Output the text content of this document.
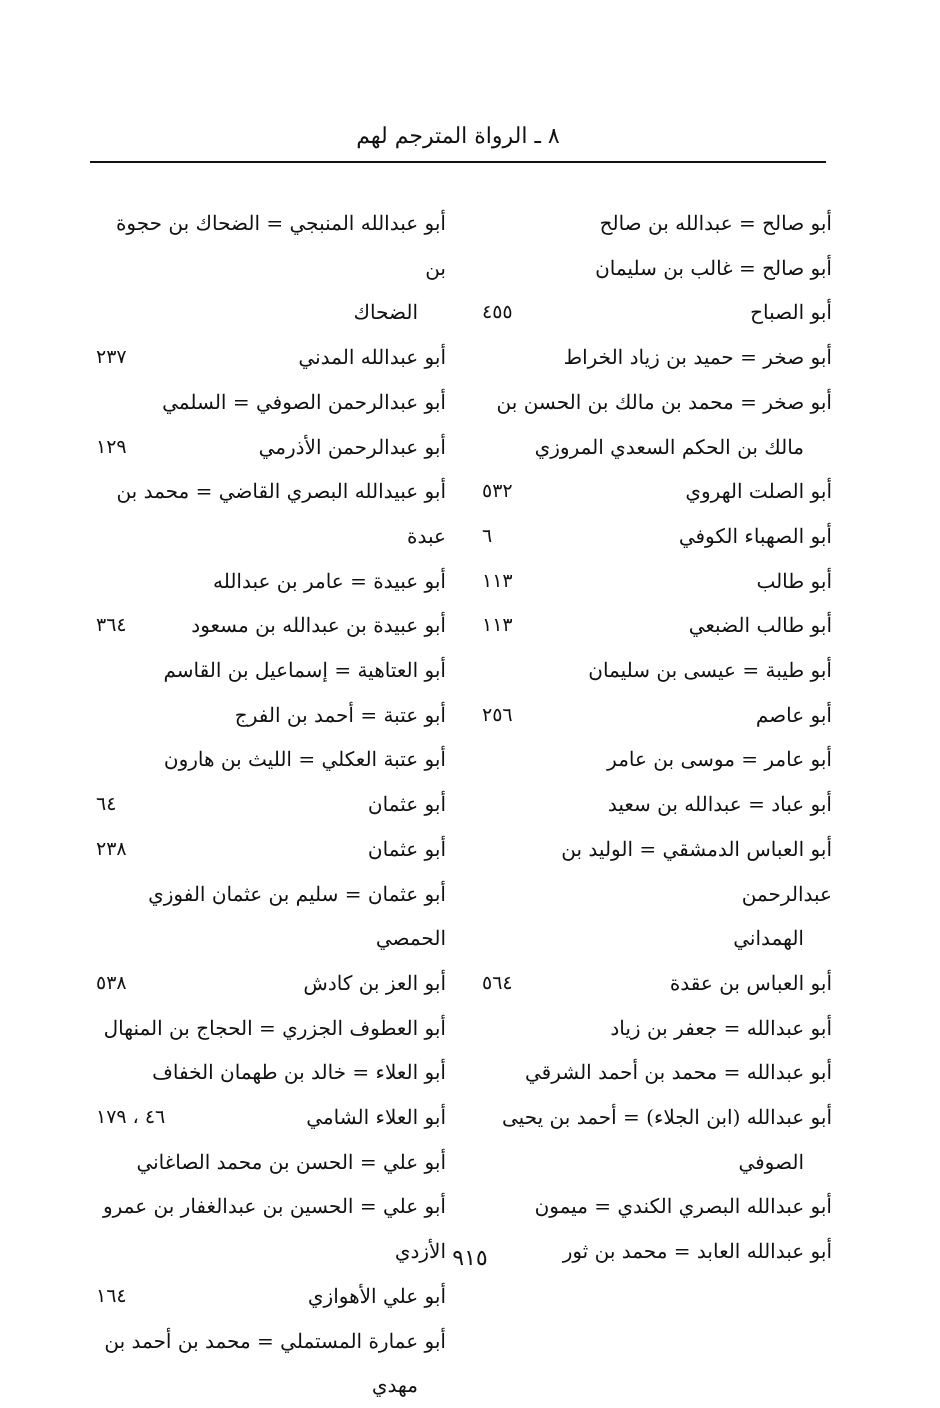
٨ ـ الرواة المترجم لهم
أبو صالح = عبدالله بن صالح
أبو صالح = غالب بن سليمان
أبو الصباح
٤٥٥
أبو صخر = حميد بن زياد الخراط
أبو صخر = محمد بن مالك بن الحسن بن
مالك بن الحكم السعدي المروزي
أبو الصلت الهروي
٥٣٢
أبو الصهباء الكوفي
٦
أبو طالب
١١٣
أبو طالب الضبعي
١١٣
أبو طيبة = عيسى بن سليمان
أبو عاصم
٢٥٦
أبو عامر = موسى بن عامر
أبو عباد = عبدالله بن سعيد
أبو العباس الدمشقي = الوليد بن عبدالرحمن
الهمداني
أبو العباس بن عقدة
٥٦٤
أبو عبدالله = جعفر بن زياد
أبو عبدالله = محمد بن أحمد الشرقي
أبو عبدالله (ابن الجلاء) = أحمد بن يحيى
الصوفي
أبو عبدالله البصري الكندي = ميمون
أبو عبدالله العابد = محمد بن ثور
أبو عبدالله المنبجي = الضحاك بن حجوة بن
الضحاك
أبو عبدالله المدني
٢٣٧
أبو عبدالرحمن الصوفي = السلمي
أبو عبدالرحمن الأذرمي
١٢٩
أبو عبيدالله البصري القاضي = محمد بن عبدة
أبو عبيدة = عامر بن عبدالله
أبو عبيدة بن عبدالله بن مسعود
٣٦٤
أبو العتاهية = إسماعيل بن القاسم
أبو عتبة = أحمد بن الفرج
أبو عتبة العكلي = الليث بن هارون
أبو عثمان
٦٤
أبو عثمان
٢٣٨
أبو عثمان = سليم بن عثمان الفوزي الحمصي
أبو العز بن كادش
٥٣٨
أبو العطوف الجزري = الحجاج بن المنهال
أبو العلاء = خالد بن طهمان الخفاف
أبو العلاء الشامي
٤٦ ، ١٧٩
أبو علي = الحسن بن محمد الصاغاني
أبو علي = الحسين بن عبدالغفار بن عمرو الأزدي
أبو علي الأهوازي
١٦٤
أبو عمارة المستملي = محمد بن أحمد بن
مهدي
٩١٥
